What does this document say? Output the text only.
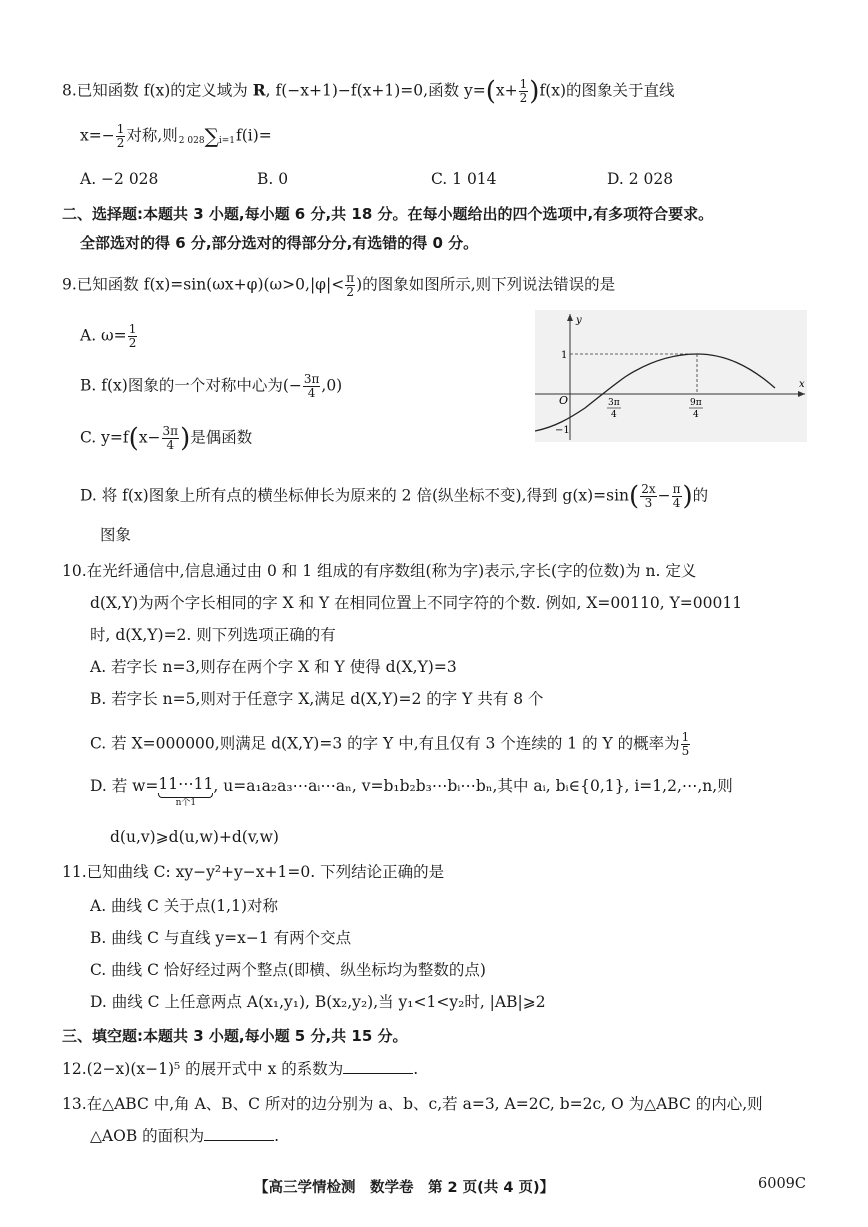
8.已知函数 f(x)的定义域为 R, f(−x+1)−f(x+1)=0,函数 $y=(x+ \frac{1}{2} )f(x)$的图象关于直线
$x=- \frac{1}{2}$ 对称,则2 028∑i=1f(i)=
A. −2 028	B. 0	C. 1 014	D. 2 028
二、选择题:本题共 3 小题,每小题 6 分,共 18 分。在每小题给出的四个选项中,有多项符合要求。
全部选对的得 6 分,部分选对的得部分分,有选错的得 0 分。
9.已知函数 $f(x)=\sin(\omega x+\varphi)(\omega>0,|\varphi|< \frac{\pi}{2}$ )的图象如图所示,则下列说法错误的是
A. $\omega= \frac{1}{2}$
B. f(x)图象的一个对称中心为(− $\frac{3\pi}{4} ,0$)
C. $y=f(x- \frac{3\pi}{4}$ )是偶函数
D. 将 f(x)图象上所有点的横坐标伸长为原来的 2 倍(纵坐标不变),得到 $g(x)=\sin( \frac{2x}{3} - \frac{\pi}{4}$ )的
图象
y
x
O
1
−1
3π
4
9π
4
10.在光纤通信中,信息通过由 0 和 1 组成的有序数组(称为字)表示,字长(字的位数)为 n. 定义
d(X,Y)为两个字长相同的字 X 和 Y 在相同位置上不同字符的个数. 例如, X=00110, Y=00011
时, d(X,Y)=2. 则下列选项正确的有
A. 若字长 n=3,则存在两个字 X 和 Y 使得 d(X,Y)=3
B. 若字长 n=5,则对于任意字 X,满足 d(X,Y)=2 的字 Y 共有 8 个
C. 若 X=000000,则满足 d(X,Y)=3 的字 Y 中,有且仅有 3 个连续的 1 的 Y 的概率为 $\frac{1}{5}$
D. 若 w=11⋯11
n个1
, u=a₁a₂a₃⋯aᵢ⋯aₙ, v=b₁b₂b₃⋯bᵢ⋯bₙ,其中 aᵢ, bᵢ∈{0,1}, i=1,2,⋯,n,则
d(u,v)⩾d(u,w)+d(v,w)
11.已知曲线 C: xy−y²+y−x+1=0. 下列结论正确的是
A. 曲线 C 关于点(1,1)对称
B. 曲线 C 与直线 y=x−1 有两个交点
C. 曲线 C 恰好经过两个整点(即横、纵坐标均为整数的点)
D. 曲线 C 上任意两点 A(x₁,y₁), B(x₂,y₂),当 y₁<1<y₂时, |AB|⩾2
三、填空题:本题共 3 小题,每小题 5 分,共 15 分。
12.(2−x)(x−1)⁵ 的展开式中 x 的系数为	.
13.在△ABC 中,角 A、B、C 所对的边分别为 a、b、c,若 a=3, A=2C, b=2c, O 为△ABC 的内心,则
△AOB 的面积为	.
【高三学情检测　数学卷　第 2 页(共 4 页)】	6009C
